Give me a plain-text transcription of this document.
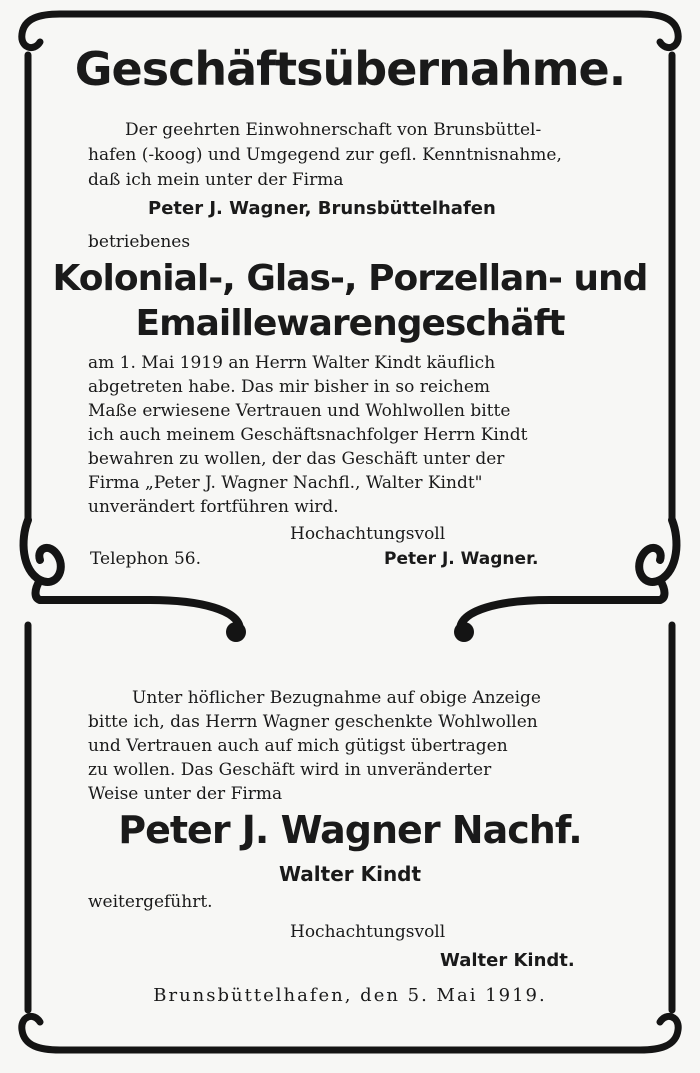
Geschäftsübernahme.
Der geehrten Einwohnerschaft von Brunsbüttel-
hafen (-koog) und Umgegend zur gefl. Kenntnisnahme,
daß ich mein unter der Firma
Peter J. Wagner, Brunsbüttelhafen
betriebenes
Kolonial-, Glas-, Porzellan- und
Emaillewarengeschäft
am 1. Mai 1919 an Herrn Walter Kindt käuflich
abgetreten habe. Das mir bisher in so reichem
Maße erwiesene Vertrauen und Wohlwollen bitte
ich auch meinem Geschäftsnachfolger Herrn Kindt
bewahren zu wollen, der das Geschäft unter der
Firma „Peter J. Wagner Nachfl., Walter Kindt"
unverändert fortführen wird.
Hochachtungsvoll
Telephon 56.	Peter J. Wagner.
Unter höflicher Bezugnahme auf obige Anzeige
bitte ich, das Herrn Wagner geschenkte Wohlwollen
und Vertrauen auch auf mich gütigst übertragen
zu wollen. Das Geschäft wird in unveränderter
Weise unter der Firma
Peter J. Wagner Nachf.
Walter Kindt
weitergeführt.
Hochachtungsvoll
Walter Kindt.
Brunsbüttelhafen, den 5. Mai 1919.
